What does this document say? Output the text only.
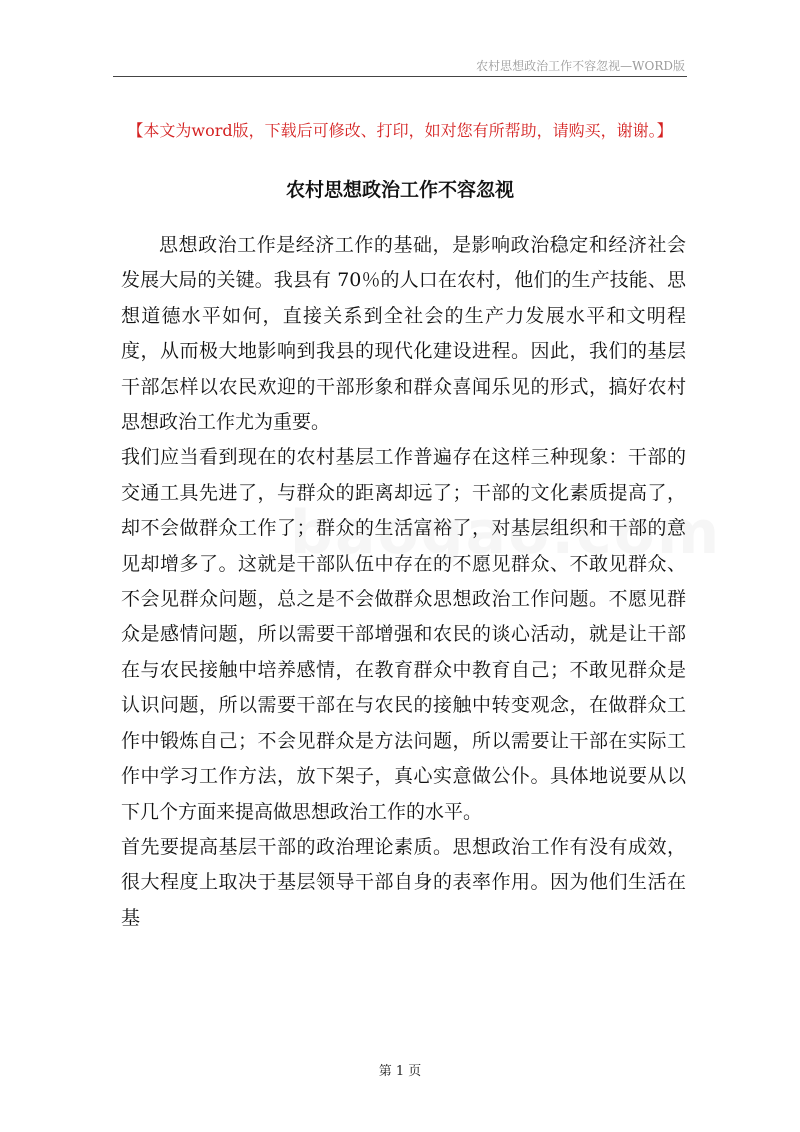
农村思想政治工作不容忽视—WORD版
【本文为word版，下载后可修改、打印，如对您有所帮助，请购买，谢谢。】
农村思想政治工作不容忽视

思想政治工作是经济工作的基础，是影响政治稳定和经济社会发展大局的关键。我县有 70％的人口在农村，他们的生产技能、思想道德水平如何，直接关系到全社会的生产力发展水平和文明程度，从而极大地影响到我县的现代化建设进程。因此，我们的基层干部怎样以农民欢迎的干部形象和群众喜闻乐见的形式，搞好农村思想政治工作尤为重要。

我们应当看到现在的农村基层工作普遍存在这样三种现象：干部的交通工具先进了，与群众的距离却远了；干部的文化素质提高了，却不会做群众工作了；群众的生活富裕了，对基层组织和干部的意见却增多了。这就是干部队伍中存在的不愿见群众、不敢见群众、不会见群众问题，总之是不会做群众思想政治工作问题。不愿见群众是感情问题，所以需要干部增强和农民的谈心活动，就是让干部在与农民接触中培养感情，在教育群众中教育自己；不敢见群众是认识问题，所以需要干部在与农民的接触中转变观念，在做群众工作中锻炼自己；不会见群众是方法问题，所以需要让干部在实际工作中学习工作方法，放下架子，真心实意做公仆。具体地说要从以下几个方面来提高做思想政治工作的水平。

首先要提高基层干部的政治理论素质。思想政治工作有没有成效，很大程度上取决于基层领导干部自身的表率作用。因为他们生活在基

第 1 页
